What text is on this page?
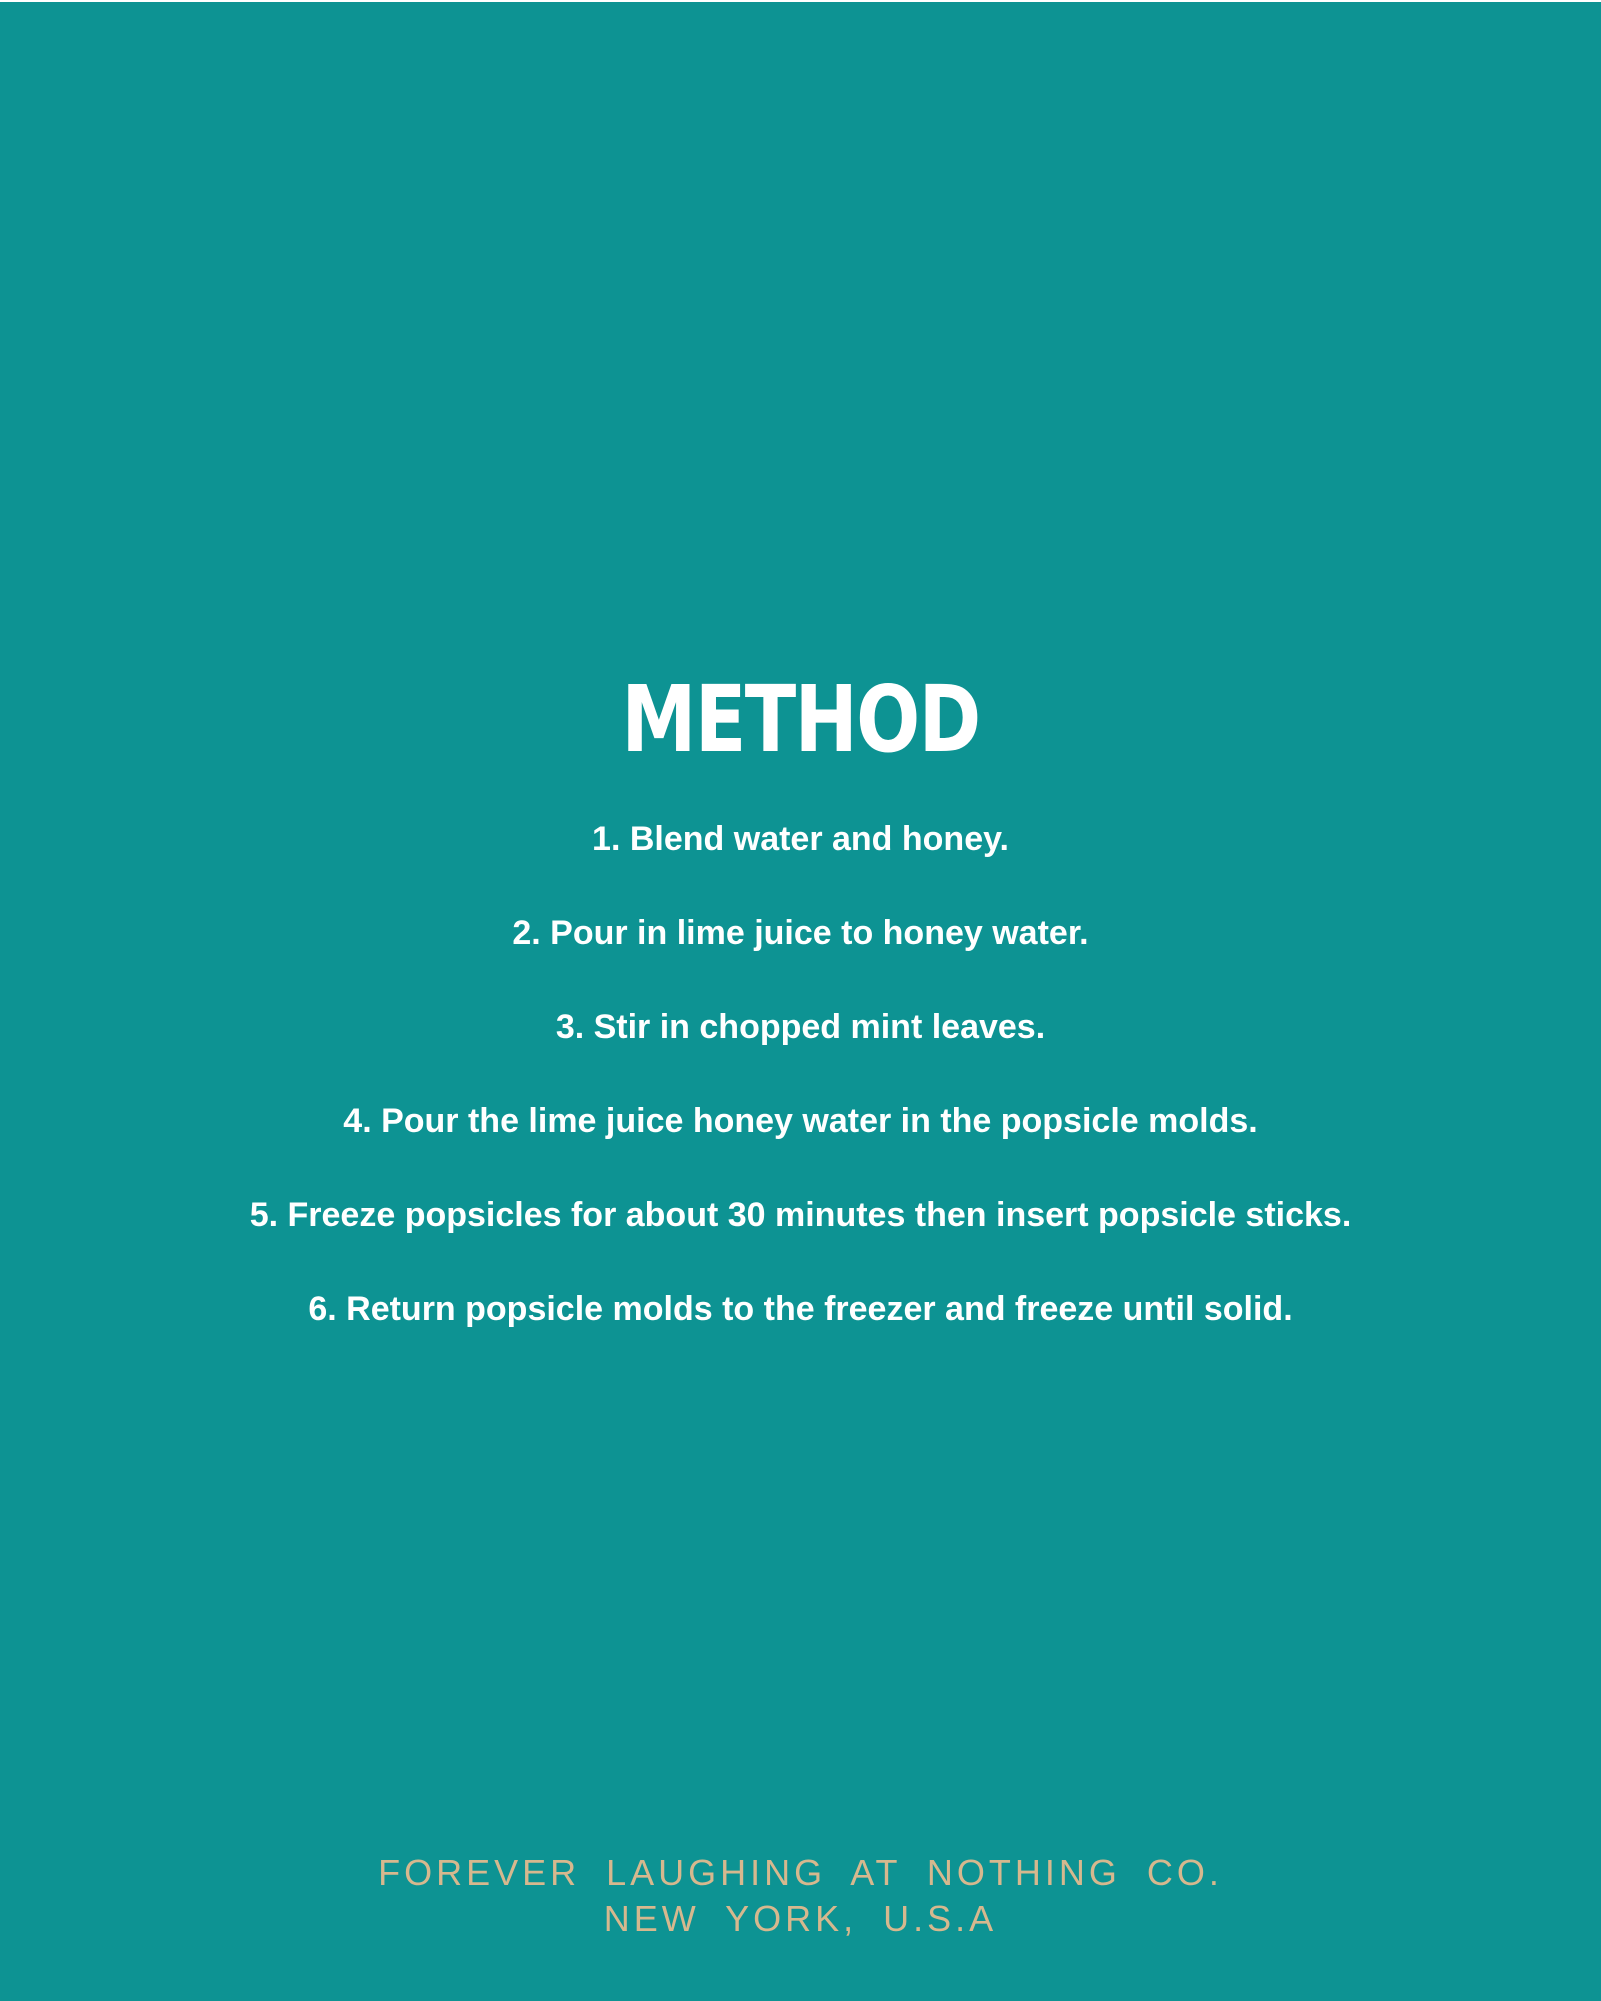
METHOD
1. Blend water and honey.
2. Pour in lime juice to honey water.
3. Stir in chopped mint leaves.
4. Pour the lime juice honey water in the popsicle molds.
5. Freeze popsicles for about 30 minutes then insert popsicle sticks.
6. Return popsicle molds to the freezer and freeze until solid.
FOREVER LAUGHING AT NOTHING CO.
NEW YORK, U.S.A
